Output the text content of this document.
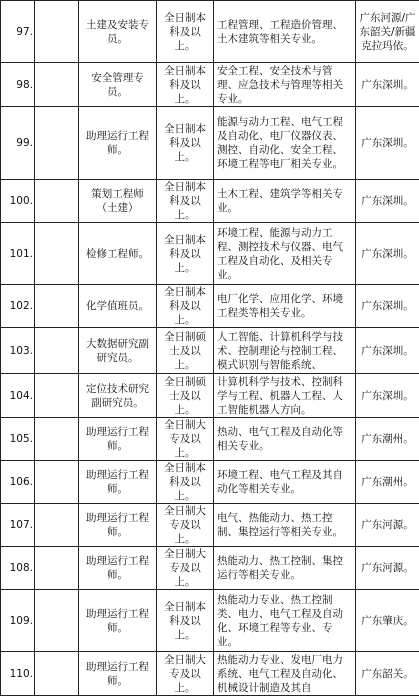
97.		土建及安装专员。	全日制本科及以上。	工程管理、工程造价管理、土木建筑等相关专业。	广东河源/广东韶关/新疆克拉玛依。
98.		安全管理专员。	全日制本科及以上。	安全工程、安全技术与管理、应急技术与管理等相关专业。	广东深圳。
99.		助理运行工程师。	全日制本科及以上。	能源与动力工程、电气工程及自动化、电厂仪器仪表、测控、自动化、安全工程、环境工程等电厂相关专业。	广东深圳。
100.		策划工程师（土建）	全日制本科及以上。	土木工程、建筑学等相关专业。	广东深圳。
101.		检修工程师。	全日制本科及以上。	环境工程、能源与动力工程、测控技术与仪器、电气工程及自动化、及相关专业。	广东深圳。
102.		化学值班员。	全日制本科及以上。	电厂化学、应用化学、环境工程类等相关专业。	广东深圳。
103.		大数据研究副研究员。	全日制硕士及以上。	人工智能、计算机科学与技术、控制理论与控制工程、模式识别与智能系统、	广东深圳。
104.		定位技术研究副研究员。	全日制硕士及以上。	计算机科学与技术、控制科学与工程、机器人工程、人工智能机器人方向。	广东深圳。
105.		助理运行工程师。	全日制大专及以上。	热动、电气工程及自动化等相关专业。	广东潮州。
106.		助理运行工程师。	全日制本科及以上。	环境工程、电气工程及其自动化等相关专业。	广东潮州。
107.		助理运行工程师。	全日制大专及以上。	电气、热能动力、热工控制、集控运行等相关专业。	广东河源。
108.		助理运行工程师。	全日制大专及以上。	热能动力、热工控制、集控运行等相关专业。	广东河源。
109.		助理运行工程师。	全日制本科及以上。	热能动力专业、热工控制类、电力、电气工程及自动化、环境工程等专业、专业。	广东肇庆。
110.		助理运行工程师。	全日制大专及以上。	热能动力专业、发电厂电力系统、电气工程及自动化、机械设计制造及其自	广东韶关。
